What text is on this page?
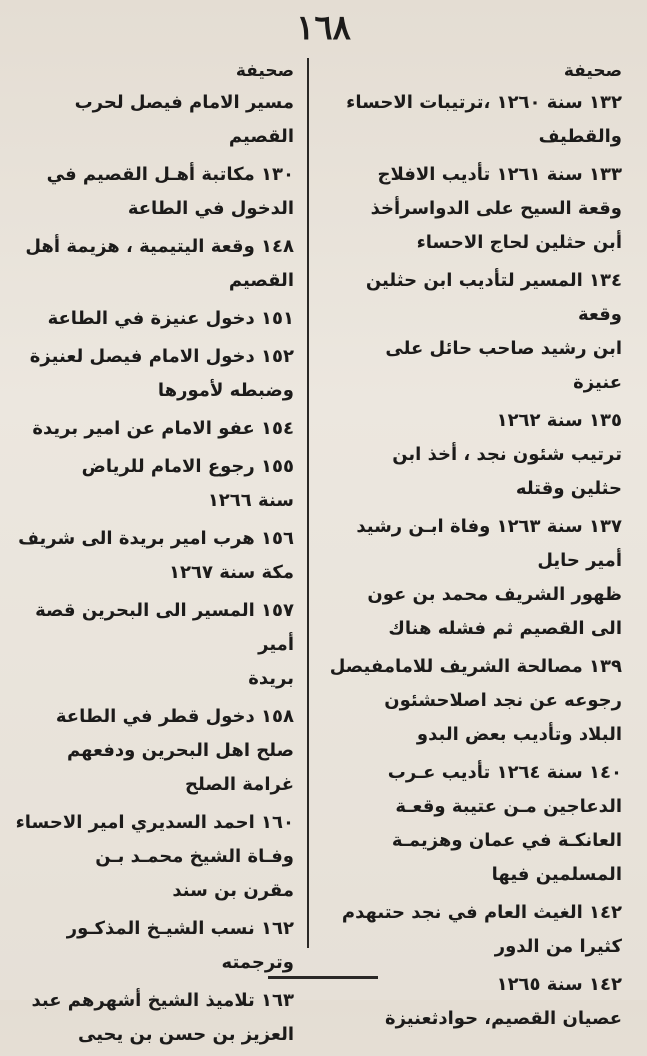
١٦٨
صحيفة
١٣٢ سنة ١٢٦٠ ،ترتيبات الاحساء
والقطيف
١٣٣ سنة ١٢٦١ تأديب الافلاج
وقعة السيح على الدواسرأخذ
أبن حثلين لحاج الاحساء
١٣٤ المسير لتأديب ابن حثلين وقعة
ابن رشيد صاحب حائل على
عنيزة
١٣٥ سنة ١٢٦٢
ترتيب شئون نجد ، أخذ ابن
حثلين وقتله
١٣٧ سنة ١٢٦٣ وفاة ابـن رشيد
أمير حايل
ظهور الشريف محمد بن عون
الى القصيم ثم فشله هناك
١٣٩ مصالحة الشريف للامامفيصل
رجوعه عن نجد اصلاحشئون
البلاد وتأديب بعض البدو
١٤٠ سنة ١٢٦٤ تأديب عـرب
الدعاجين مـن عتيبة وقعـة
العانكـة في عمان وهزيمـة
المسلمين فيها
١٤٢ الغيث العام في نجد حتىهدم
كثيرا من الدور
١٤٢ سنة ١٢٦٥
عصيان القصيم، حوادثعنيزة
صحيفة
مسير الامام فيصل لحرب
القصيم
١٣٠ مكاتبة أهـل القصيم في
الدخول في الطاعة
١٤٨ وقعة اليتيمية ، هزيمة أهل
القصيم
١٥١ دخول عنيزة في الطاعة
١٥٢ دخول الامام فيصل لعنيزة
وضبطه لأمورها
١٥٤ عفو الامام عن امير بريدة
١٥٥ رجوع الامام للرياض
سنة ١٢٦٦
١٥٦ هرب امير بريدة الى شريف
مكة سنة ١٢٦٧
١٥٧ المسير الى البحرين قصة أمير
بريدة
١٥٨ دخول قطر في الطاعة
صلح اهل البحرين ودفعهم
غرامة الصلح
١٦٠ احمد السديري امير الاحساء
وفـاة الشيخ محمـد بـن
مقرن بن سند
١٦٢ نسب الشيـخ المذكـور
وترجمته
١٦٣ تلاميذ الشيخ أشهرهم عبد
العزيز بن حسن بن يحيى
